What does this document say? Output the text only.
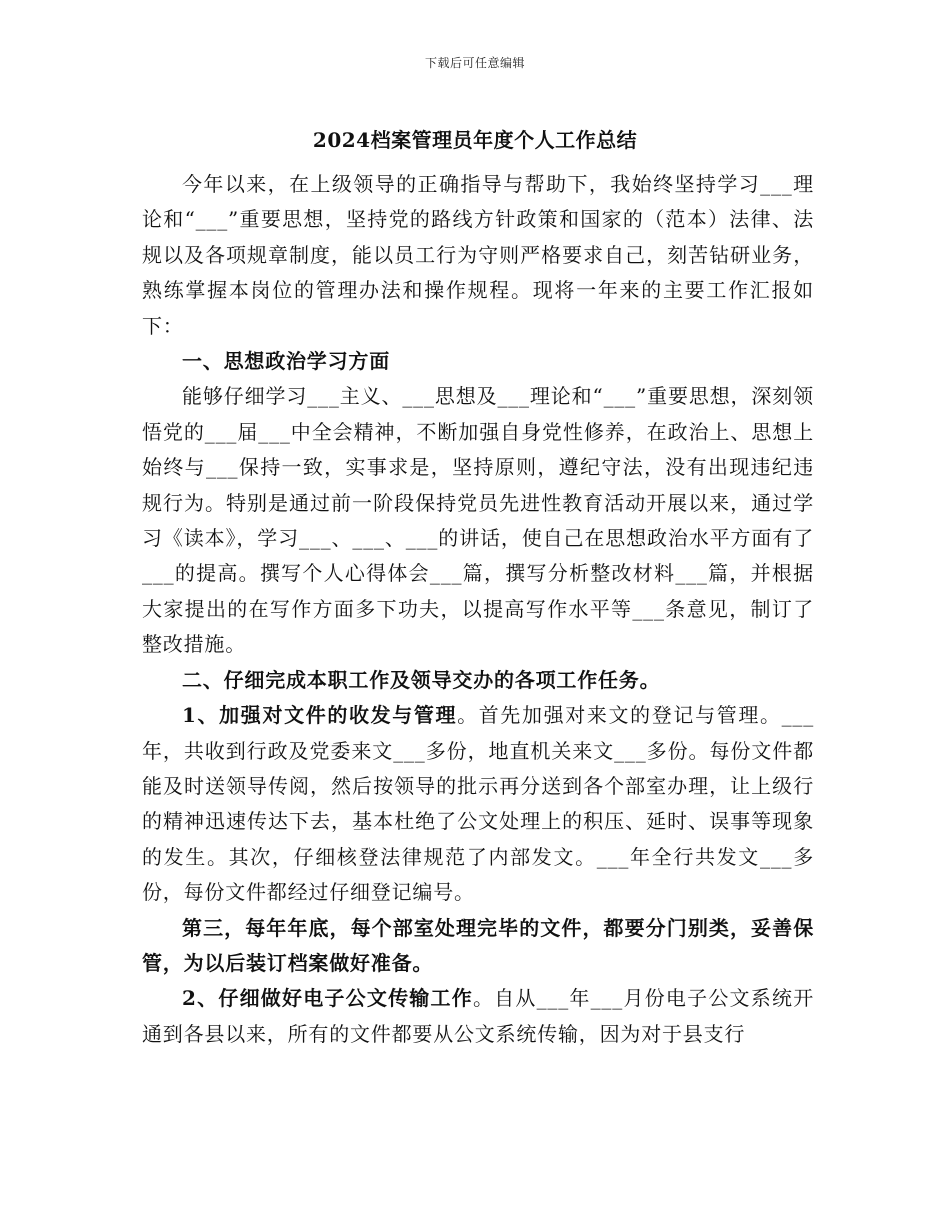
下载后可任意编辑
2024档案管理员年度个人工作总结

今年以来，在上级领导的正确指导与帮助下，我始终坚持学习___理论和“___”重要思想，坚持党的路线方针政策和国家的（范本）法律、法规以及各项规章制度，能以员工行为守则严格要求自己，刻苦钻研业务，熟练掌握本岗位的管理办法和操作规程。现将一年来的主要工作汇报如下：

一、思想政治学习方面

能够仔细学习___主义、___思想及___理论和“___”重要思想，深刻领悟党的___届___中全会精神，不断加强自身党性修养，在政治上、思想上始终与___保持一致，实事求是，坚持原则，遵纪守法，没有出现违纪违规行为。特别是通过前一阶段保持党员先进性教育活动开展以来，通过学习《读本》，学习___、___、___的讲话，使自己在思想政治水平方面有了___的提高。撰写个人心得体会___篇，撰写分析整改材料___篇，并根据大家提出的在写作方面多下功夫，以提高写作水平等___条意见，制订了整改措施。

二、仔细完成本职工作及领导交办的各项工作任务。

1、加强对文件的收发与管理。首先加强对来文的登记与管理。___年，共收到行政及党委来文___多份，地直机关来文___多份。每份文件都能及时送领导传阅，然后按领导的批示再分送到各个部室办理，让上级行的精神迅速传达下去，基本杜绝了公文处理上的积压、延时、误事等现象的发生。其次，仔细核登法律规范了内部发文。___年全行共发文___多份，每份文件都经过仔细登记编号。

第三，每年年底，每个部室处理完毕的文件，都要分门别类，妥善保管，为以后装订档案做好准备。

2、仔细做好电子公文传输工作。自从___年___月份电子公文系统开通到各县以来，所有的文件都要从公文系统传输，因为对于县支行
